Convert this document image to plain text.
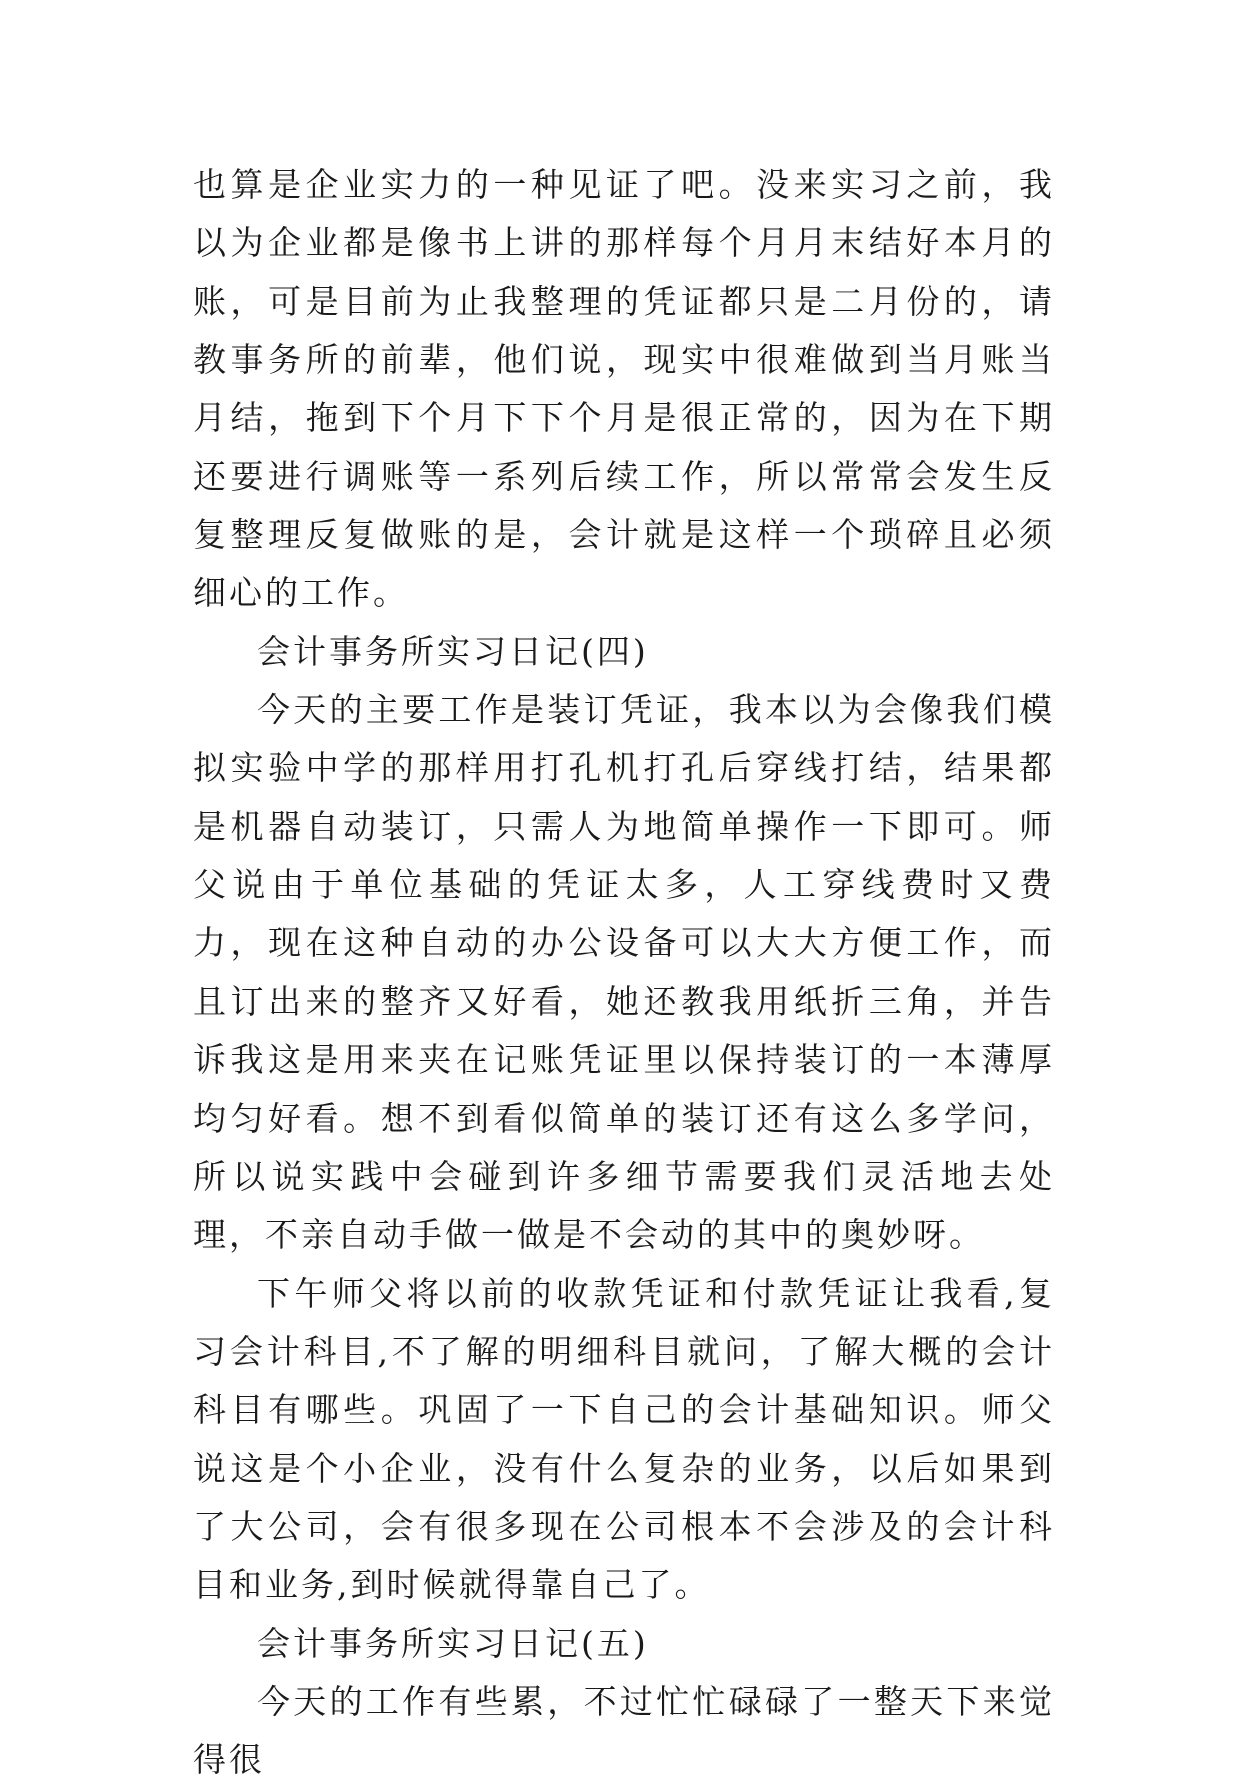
也算是企业实力的一种见证了吧。没来实习之前，我以为企业都是像书上讲的那样每个月月末结好本月的账，可是目前为止我整理的凭证都只是二月份的，请教事务所的前辈，他们说，现实中很难做到当月账当月结，拖到下个月下下个月是很正常的，因为在下期还要进行调账等一系列后续工作，所以常常会发生反复整理反复做账的是，会计就是这样一个琐碎且必须细心的工作。

会计事务所实习日记(四)

今天的主要工作是装订凭证，我本以为会像我们模拟实验中学的那样用打孔机打孔后穿线打结，结果都是机器自动装订，只需人为地简单操作一下即可。师父说由于单位基础的凭证太多，人工穿线费时又费力，现在这种自动的办公设备可以大大方便工作，而且订出来的整齐又好看，她还教我用纸折三角，并告诉我这是用来夹在记账凭证里以保持装订的一本薄厚均匀好看。想不到看似简单的装订还有这么多学问，所以说实践中会碰到许多细节需要我们灵活地去处理，不亲自动手做一做是不会动的其中的奥妙呀。

下午师父将以前的收款凭证和付款凭证让我看,复习会计科目,不了解的明细科目就问，了解大概的会计科目有哪些。巩固了一下自己的会计基础知识。师父说这是个小企业，没有什么复杂的业务，以后如果到了大公司，会有很多现在公司根本不会涉及的会计科目和业务,到时候就得靠自己了。

会计事务所实习日记(五)

今天的工作有些累，不过忙忙碌碌了一整天下来觉得很
